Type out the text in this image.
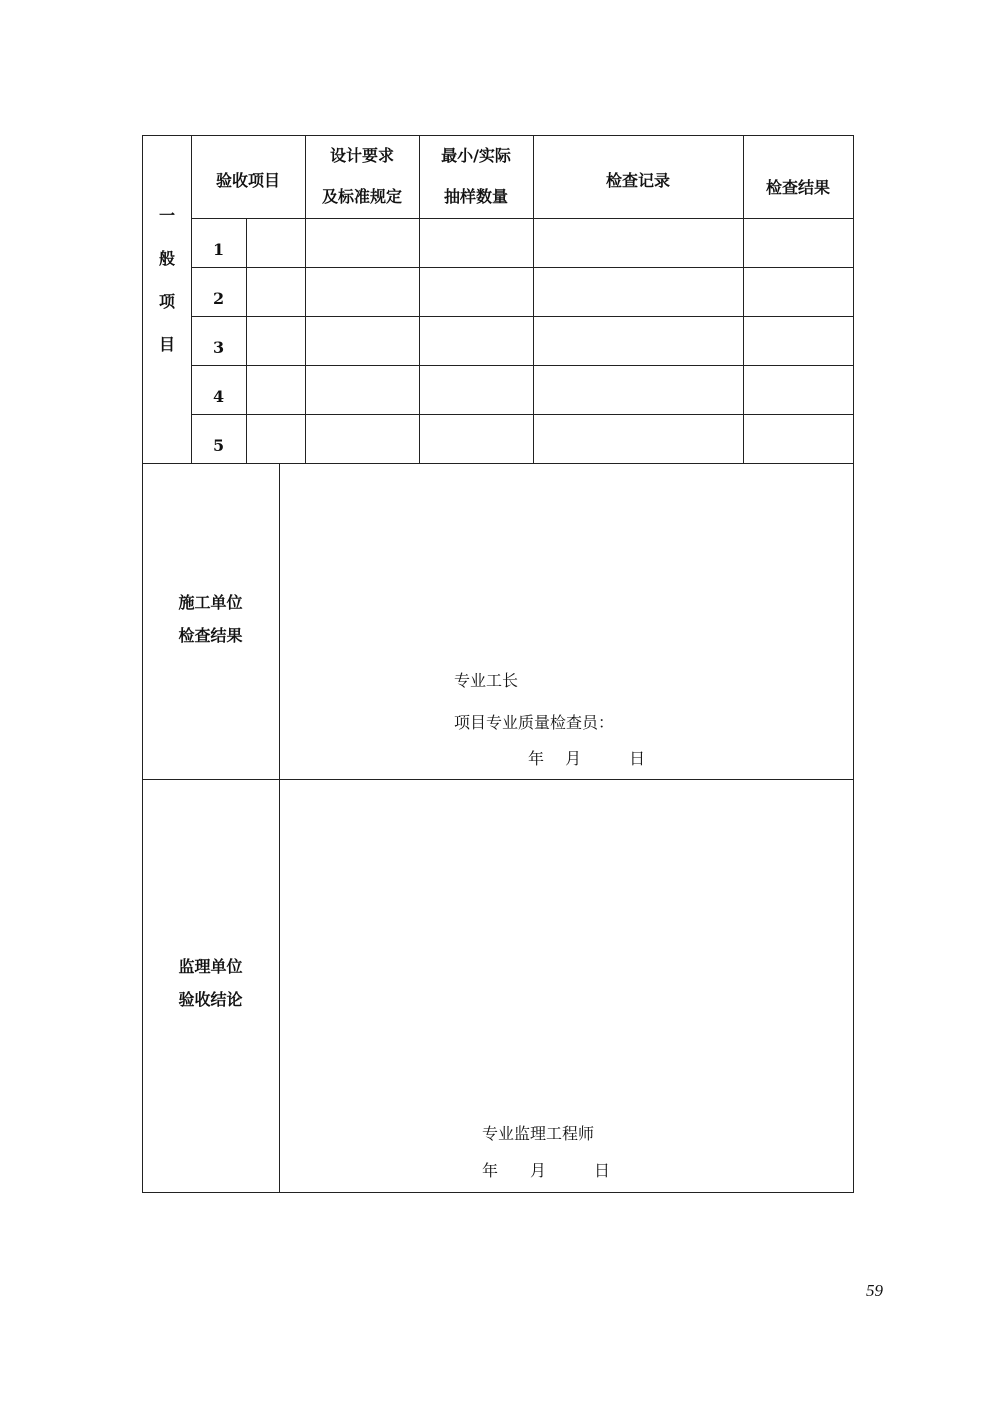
一
般
项
目
验收项目
设计要求
及标准规定
最小/实际
抽样数量
检查记录	检查结果
1
2
3
4
5
施工单位
检查结果
专业工长
项目专业质量检查员：
年　 月　　　日
监理单位
验收结论
专业监理工程师
年　　月　　　日
59
